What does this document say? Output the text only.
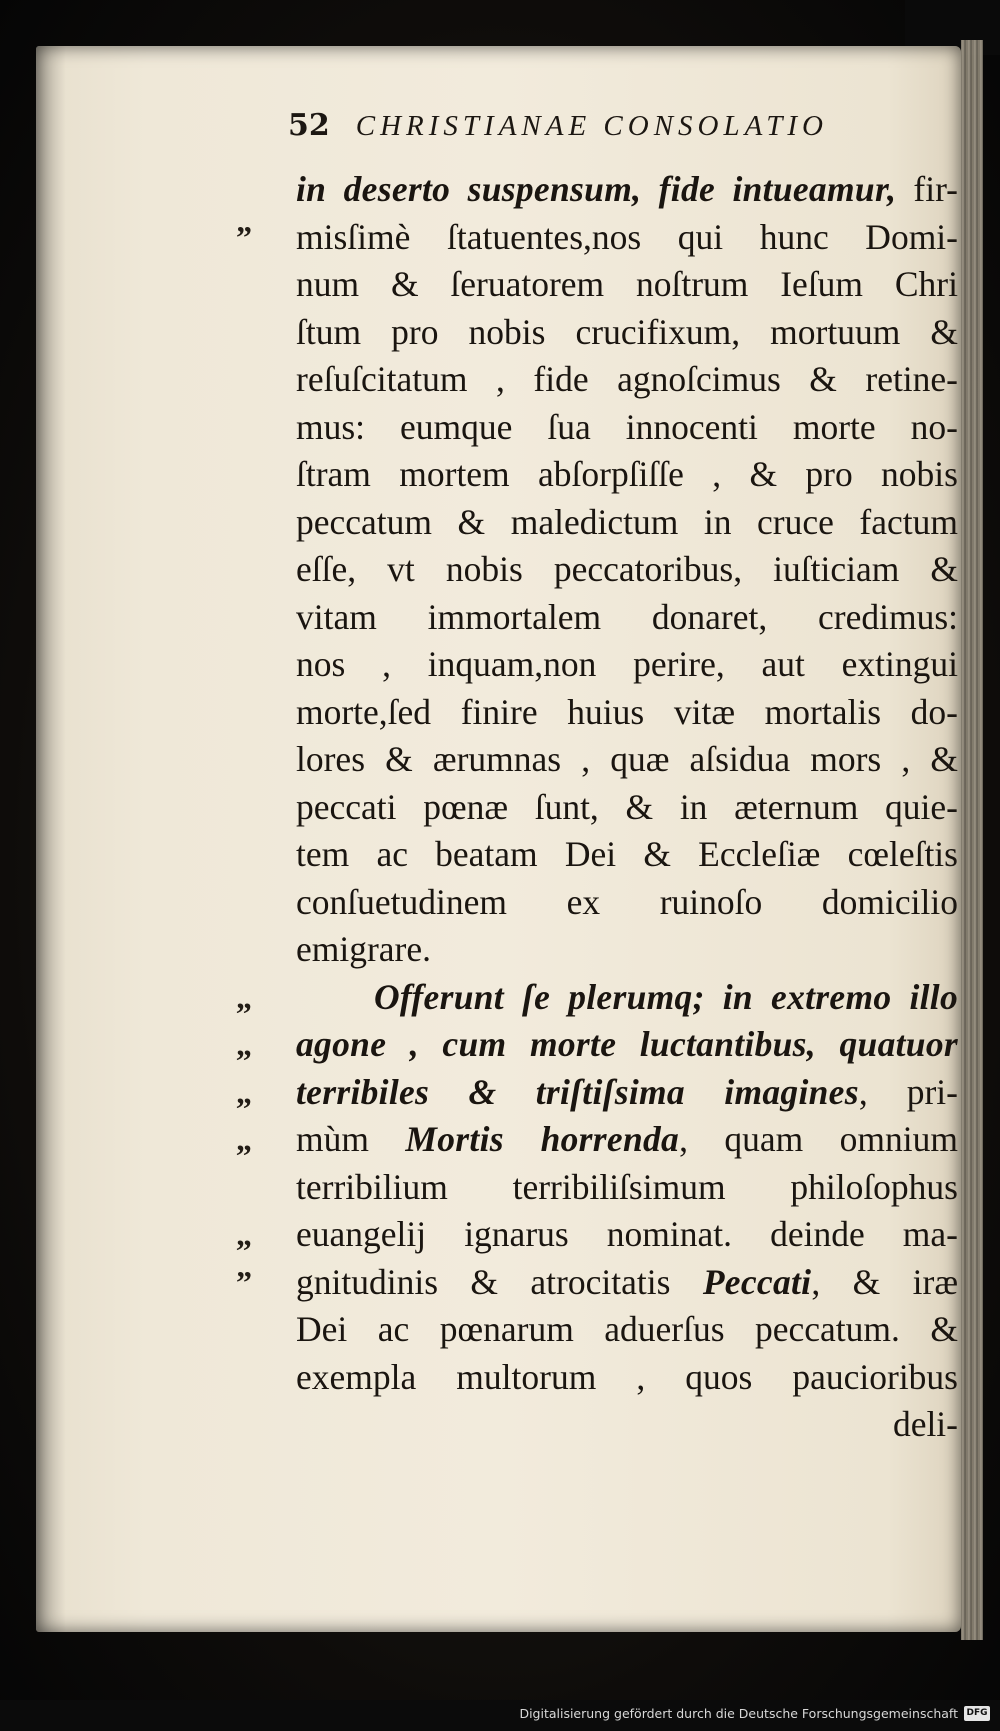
52 CHRISTIANAE CONSOLATIO
in deserto suspensum, fide intueamur, fir-
”	misſimè ſtatuentes,nos qui hunc Domi-
num & ſeruatorem noſtrum Ieſum Chri
ſtum pro nobis crucifixum, mortuum &
reſuſcitatum , fide agnoſcimus & retine-
mus: eumque ſua innocenti morte no-
ſtram mortem abſorpſiſſe , & pro nobis
peccatum & maledictum in cruce factum
eſſe, vt nobis peccatoribus, iuſticiam &
vitam immortalem donaret, credimus:
nos , inquam,non perire, aut extingui
morte,ſed finire huius vitæ mortalis do-
lores & ærumnas , quæ aſsidua mors , &
peccati pœnæ ſunt, & in æternum quie-
tem ac beatam Dei & Eccleſiæ cœleſtis
conſuetudinem ex ruinoſo domicilio
emigrare.
„	Offerunt ſe plerumq; in extremo illo
„	agone , cum morte luctantibus, quatuor
„	terribiles & triſtiſsima imagines, pri-
„	mùm Mortis horrenda, quam omnium
terribilium terribiliſsimum philoſophus
„	euangelij ignarus nominat. deinde ma-
”	gnitudinis & atrocitatis Peccati, & iræ
Dei ac pœnarum aduerſus peccatum. &
exempla multorum , quos paucioribus
deli-
Digitalisierung gefördert durch die Deutsche Forschungsgemeinschaft DFG
